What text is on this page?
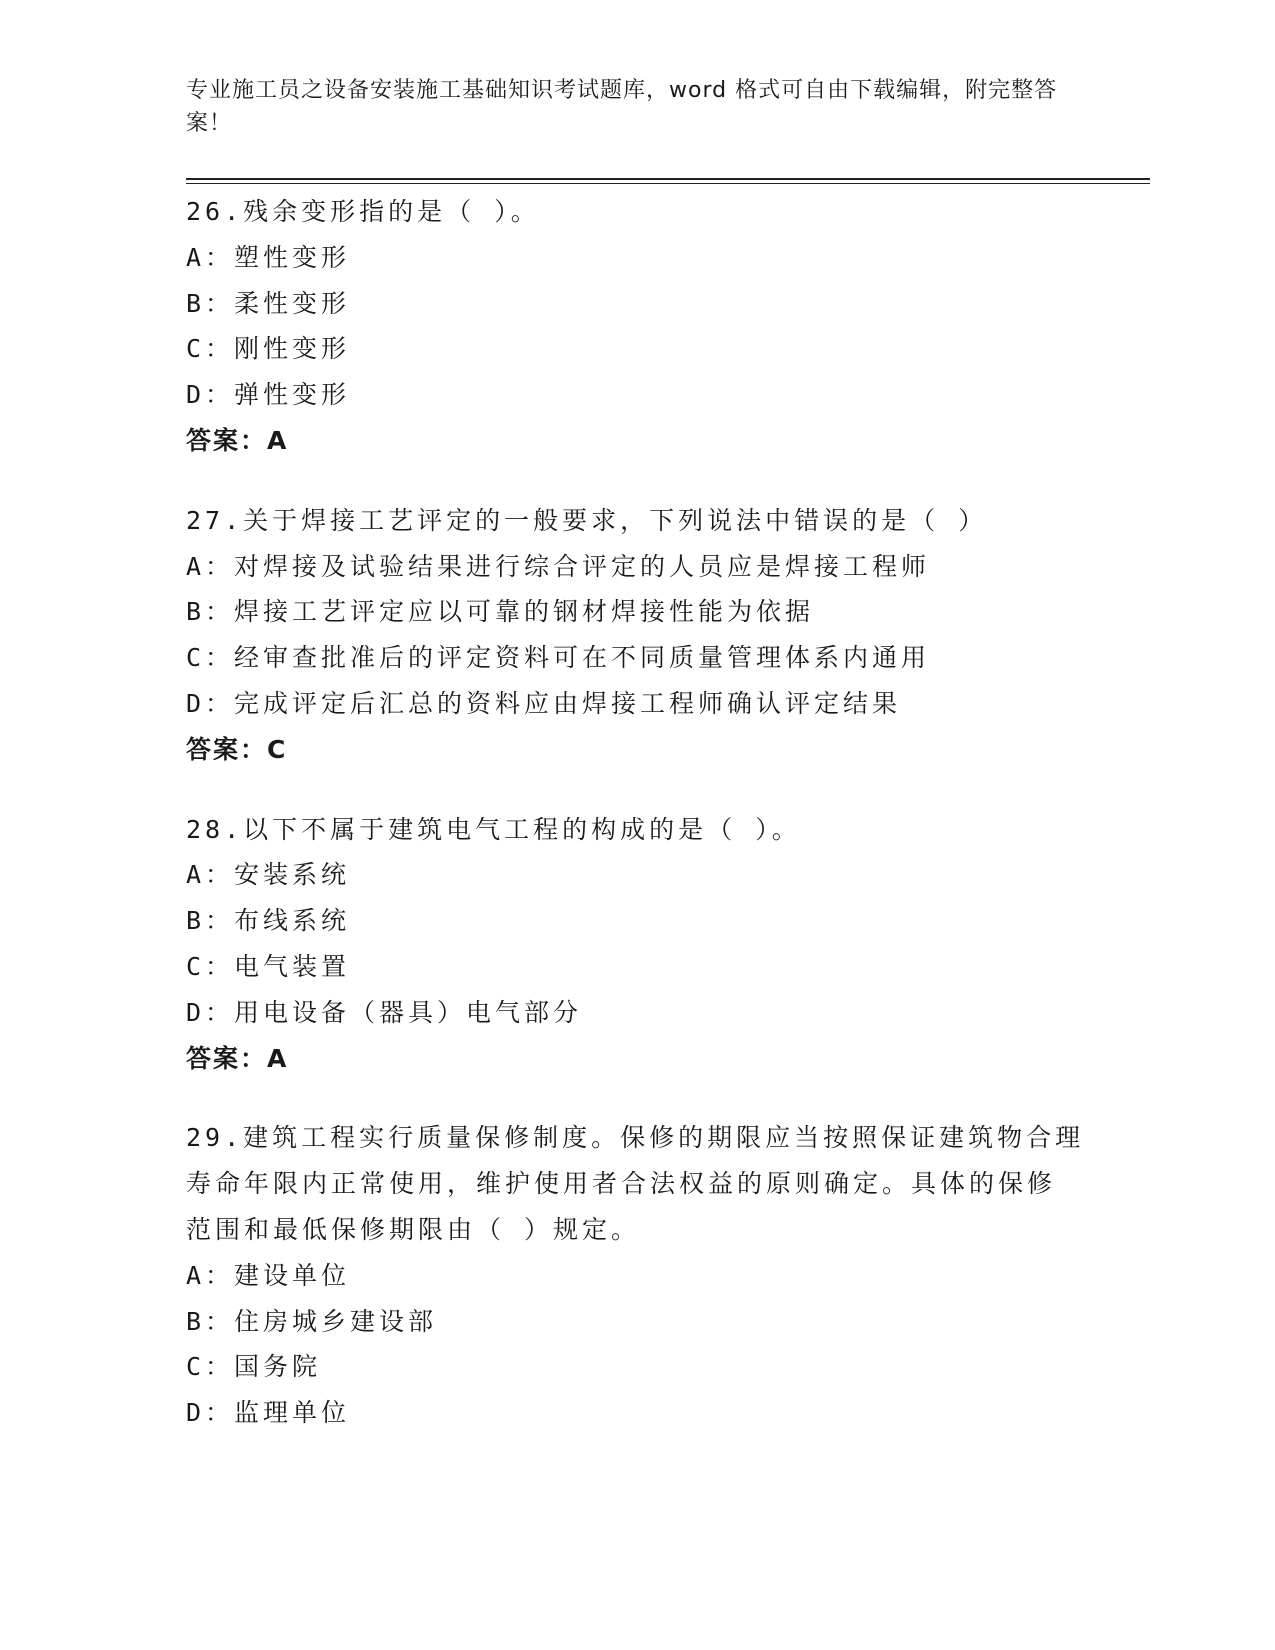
专业施工员之设备安装施工基础知识考试题库，word 格式可自由下载编辑，附完整答案！
26.残余变形指的是（ ）。
A：塑性变形
B：柔性变形
C：刚性变形
D：弹性变形
答案：A
27.关于焊接工艺评定的一般要求，下列说法中错误的是（ ）
A：对焊接及试验结果进行综合评定的人员应是焊接工程师
B：焊接工艺评定应以可靠的钢材焊接性能为依据
C：经审查批准后的评定资料可在不同质量管理体系内通用
D：完成评定后汇总的资料应由焊接工程师确认评定结果
答案：C
28.以下不属于建筑电气工程的构成的是（ ）。
A：安装系统
B：布线系统
C：电气装置
D：用电设备（器具）电气部分
答案：A
29.建筑工程实行质量保修制度。保修的期限应当按照保证建筑物合理
寿命年限内正常使用，维护使用者合法权益的原则确定。具体的保修
范围和最低保修期限由（ ）规定。
A：建设单位
B：住房城乡建设部
C：国务院
D：监理单位
